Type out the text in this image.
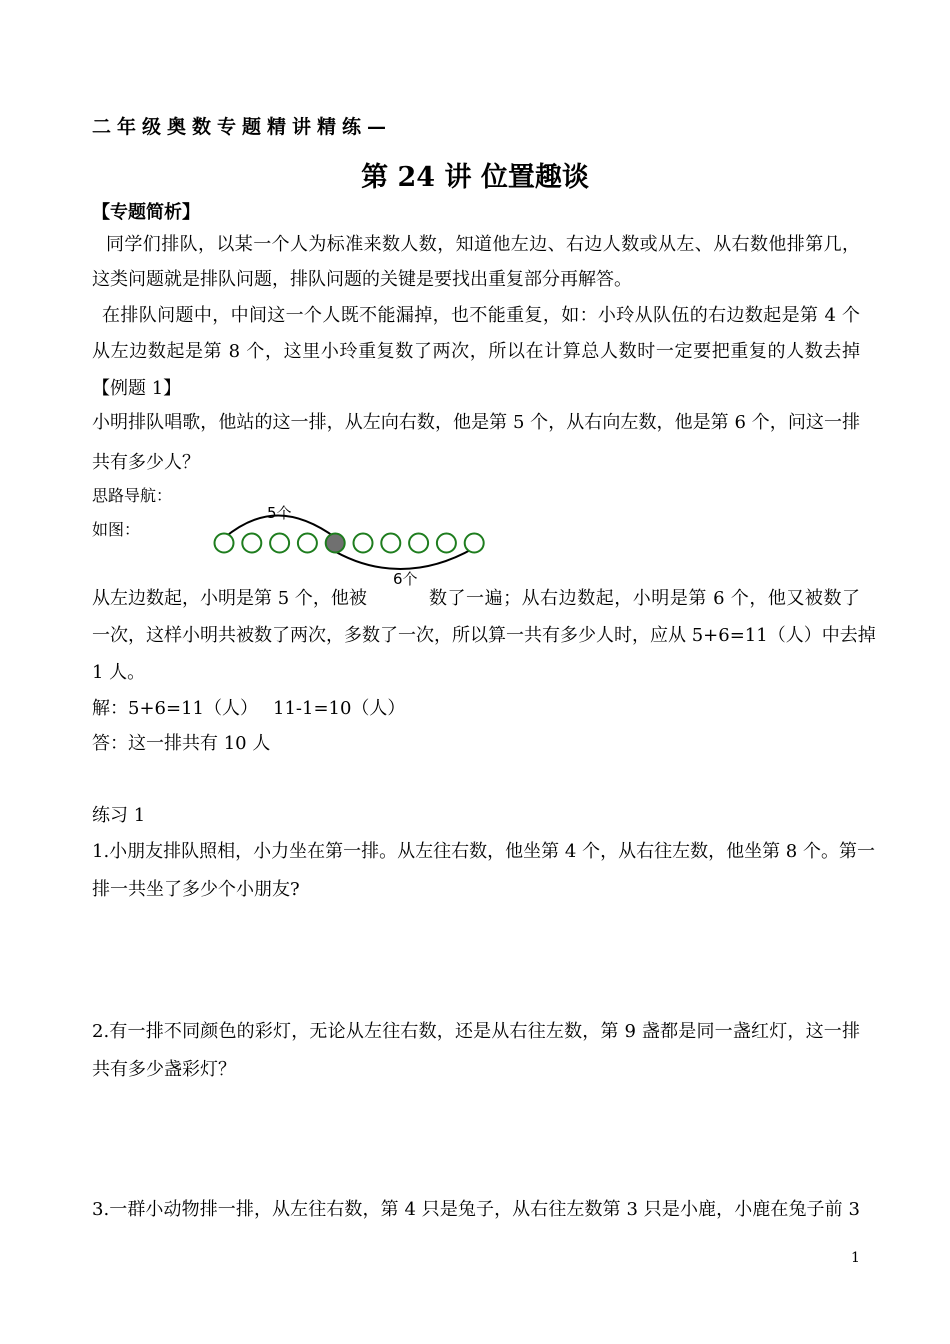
二年级奥数专题精讲精练—
第 24 讲 位置趣谈
【专题简析】
同学们排队，以某一个人为标准来数人数，知道他左边、右边人数或从左、从右数他排第几，
这类问题就是排队问题，排队问题的关键是要找出重复部分再解答。
在排队问题中，中间这一个人既不能漏掉，也不能重复，如：小玲从队伍的右边数起是第 4 个
从左边数起是第 8 个，这里小玲重复数了两次，所以在计算总人数时一定要把重复的人数去掉
【例题 1】
小明排队唱歌，他站的这一排，从左向右数，他是第 5 个，从右向左数，他是第 6 个，问这一排
共有多少人？
思路导航：
如图：
5个
6个
从左边数起，小明是第 5 个，他被	数了一遍；从右边数起，小明是第 6 个，他又被数了
一次，这样小明共被数了两次，多数了一次，所以算一共有多少人时，应从 5+6=11（人）中去掉
1 人。
解：5+6=11（人） 11-1=10（人）
答：这一排共有 10 人
练习 1
1.小朋友排队照相，小力坐在第一排。从左往右数，他坐第 4 个，从右往左数，他坐第 8 个。第一
排一共坐了多少个小朋友?
2.有一排不同颜色的彩灯，无论从左往右数，还是从右往左数，第 9 盏都是同一盏红灯，这一排
共有多少盏彩灯？
3.一群小动物排一排，从左往右数，第 4 只是兔子，从右往左数第 3 只是小鹿，小鹿在兔子前 3
1
